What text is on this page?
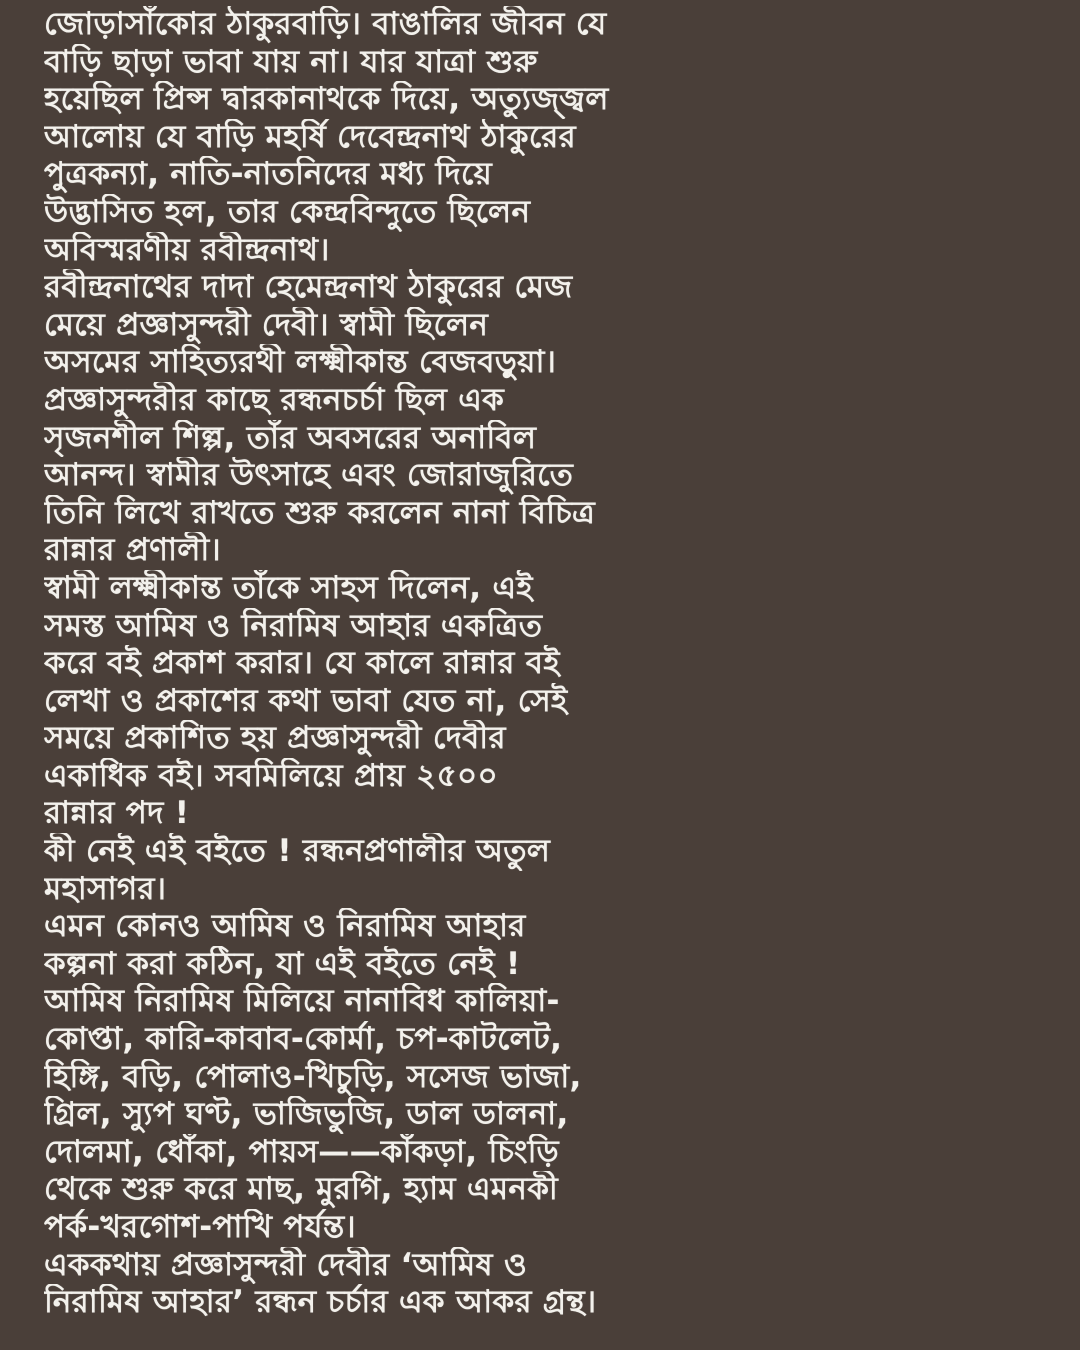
জোড়াসাঁকোর ঠাকুরবাড়ি। বাঙালির জীবন যে
বাড়ি ছাড়া ভাবা যায় না। যার যাত্রা শুরু
হয়েছিল প্রিন্স দ্বারকানাথকে দিয়ে, অত্যুজ্জ্বল
আলোয় যে বাড়ি মহর্ষি দেবেন্দ্রনাথ ঠাকুরের
পুত্রকন্যা, নাতি-নাতনিদের মধ্য দিয়ে
উদ্ভাসিত হল, তার কেন্দ্রবিন্দুতে ছিলেন
অবিস্মরণীয় রবীন্দ্রনাথ।
রবীন্দ্রনাথের দাদা হেমেন্দ্রনাথ ঠাকুরের মেজ
মেয়ে প্রজ্ঞাসুন্দরী দেবী। স্বামী ছিলেন
অসমের সাহিত্যরথী লক্ষ্মীকান্ত বেজবড়ুয়া।
প্রজ্ঞাসুন্দরীর কাছে রন্ধনচর্চা ছিল এক
সৃজনশীল শিল্প, তাঁর অবসরের অনাবিল
আনন্দ। স্বামীর উৎসাহে এবং জোরাজুরিতে
তিনি লিখে রাখতে শুরু করলেন নানা বিচিত্র
রান্নার প্রণালী।
স্বামী লক্ষ্মীকান্ত তাঁকে সাহস দিলেন, এই
সমস্ত আমিষ ও নিরামিষ আহার একত্রিত
করে বই প্রকাশ করার। যে কালে রান্নার বই
লেখা ও প্রকাশের কথা ভাবা যেত না, সেই
সময়ে প্রকাশিত হয় প্রজ্ঞাসুন্দরী দেবীর
একাধিক বই। সবমিলিয়ে প্রায় ২৫০০
রান্নার পদ !
কী নেই এই বইতে ! রন্ধনপ্রণালীর অতুল
মহাসাগর।
এমন কোনও আমিষ ও নিরামিষ আহার
কল্পনা করা কঠিন, যা এই বইতে নেই !
আমিষ নিরামিষ মিলিয়ে নানাবিধ কালিয়া-
কোপ্তা, কারি-কাবাব-কোর্মা, চপ-কাটলেট,
হিঙ্গি, বড়ি, পোলাও-খিচুড়ি, সসেজ ভাজা,
গ্রিল, স্যুপ ঘণ্ট, ভাজিভুজি, ডাল ডালনা,
দোলমা, ধোঁকা, পায়স——কাঁকড়া, চিংড়ি
থেকে শুরু করে মাছ, মুরগি, হ্যাম এমনকী
পর্ক-খরগোশ-পাখি পর্যন্ত।
এককথায় প্রজ্ঞাসুন্দরী দেবীর ‘আমিষ ও
নিরামিষ আহার’ রন্ধন চর্চার এক আকর গ্রন্থ।
